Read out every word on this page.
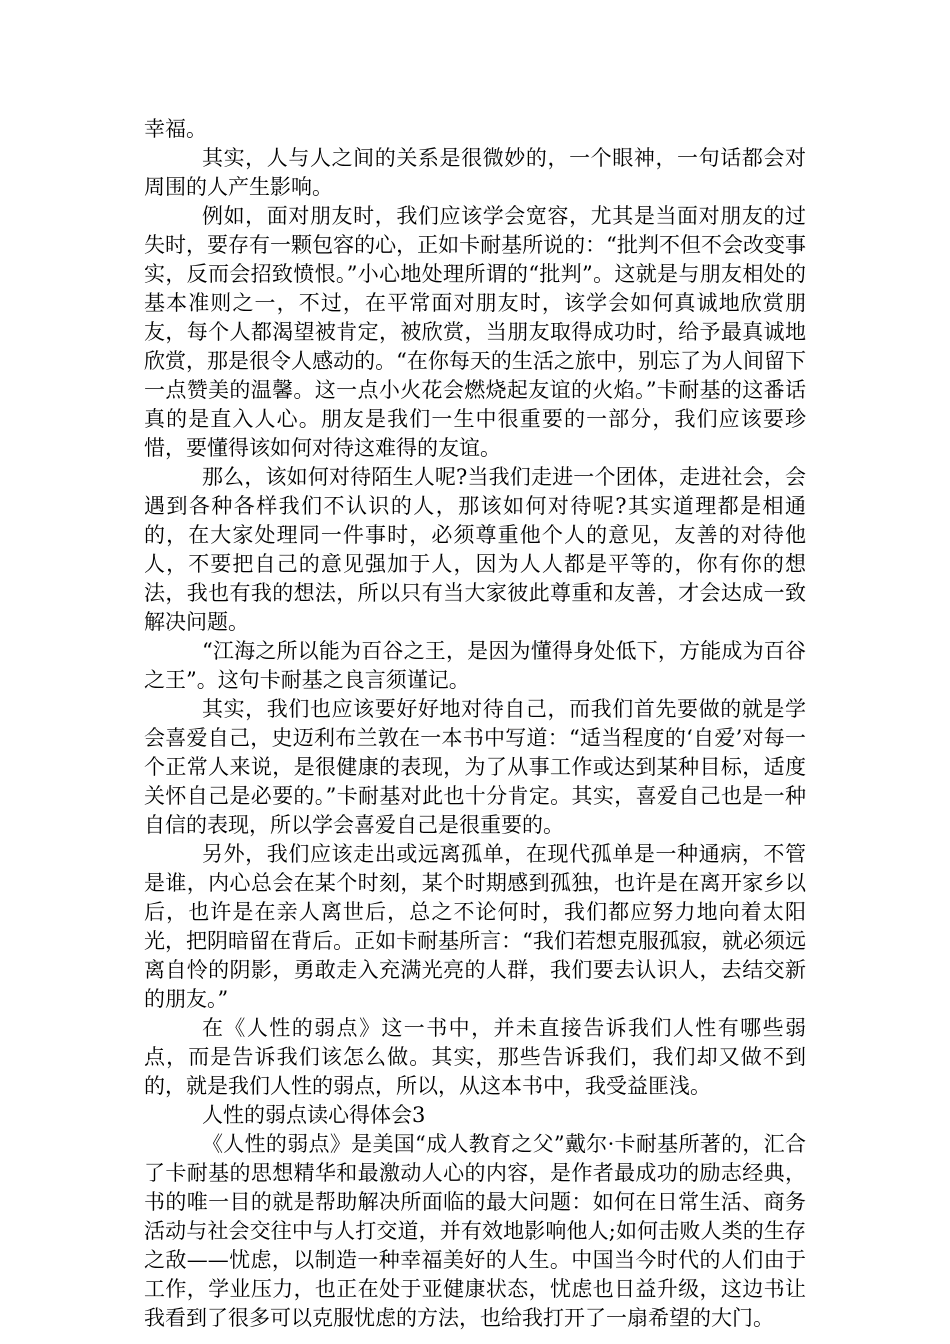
幸福。

其实，人与人之间的关系是很微妙的，一个眼神，一句话都会对周围的人产生影响。

例如，面对朋友时，我们应该学会宽容，尤其是当面对朋友的过失时，要存有一颗包容的心，正如卡耐基所说的：“批判不但不会改变事实，反而会招致愤恨。”小心地处理所谓的“批判”。这就是与朋友相处的基本准则之一，不过，在平常面对朋友时，该学会如何真诚地欣赏朋友，每个人都渴望被肯定，被欣赏，当朋友取得成功时，给予最真诚地欣赏，那是很令人感动的。“在你每天的生活之旅中，别忘了为人间留下一点赞美的温馨。这一点小火花会燃烧起友谊的火焰。”卡耐基的这番话真的是直入人心。朋友是我们一生中很重要的一部分，我们应该要珍惜，要懂得该如何对待这难得的友谊。

那么，该如何对待陌生人呢?当我们走进一个团体，走进社会，会遇到各种各样我们不认识的人，那该如何对待呢?其实道理都是相通的，在大家处理同一件事时，必须尊重他个人的意见，友善的对待他人，不要把自己的意见强加于人，因为人人都是平等的，你有你的想法，我也有我的想法，所以只有当大家彼此尊重和友善，才会达成一致解决问题。

“江海之所以能为百谷之王，是因为懂得身处低下，方能成为百谷之王”。这句卡耐基之良言须谨记。

其实，我们也应该要好好地对待自己，而我们首先要做的就是学会喜爱自己，史迈利布兰敦在一本书中写道：“适当程度的‘自爱’对每一个正常人来说，是很健康的表现，为了从事工作或达到某种目标，适度关怀自己是必要的。”卡耐基对此也十分肯定。其实，喜爱自己也是一种自信的表现，所以学会喜爱自己是很重要的。

另外，我们应该走出或远离孤单，在现代孤单是一种通病，不管是谁，内心总会在某个时刻，某个时期感到孤独，也许是在离开家乡以后，也许是在亲人离世后，总之不论何时，我们都应努力地向着太阳光，把阴暗留在背后。正如卡耐基所言：“我们若想克服孤寂，就必须远离自怜的阴影，勇敢走入充满光亮的人群，我们要去认识人，去结交新的朋友。”

在《人性的弱点》这一书中，并未直接告诉我们人性有哪些弱点，而是告诉我们该怎么做。其实，那些告诉我们，我们却又做不到的，就是我们人性的弱点，所以，从这本书中，我受益匪浅。

人性的弱点读心得体会3

《人性的弱点》是美国“成人教育之父”戴尔·卡耐基所著的，汇合了卡耐基的思想精华和最激动人心的内容，是作者最成功的励志经典，书的唯一目的就是帮助解决所面临的最大问题：如何在日常生活、商务活动与社会交往中与人打交道，并有效地影响他人;如何击败人类的生存之敌——忧虑，以制造一种幸福美好的人生。中国当今时代的人们由于工作，学业压力，也正在处于亚健康状态，忧虑也日益升级，这边书让我看到了很多可以克服忧虑的方法，也给我打开了一扇希望的大门。
